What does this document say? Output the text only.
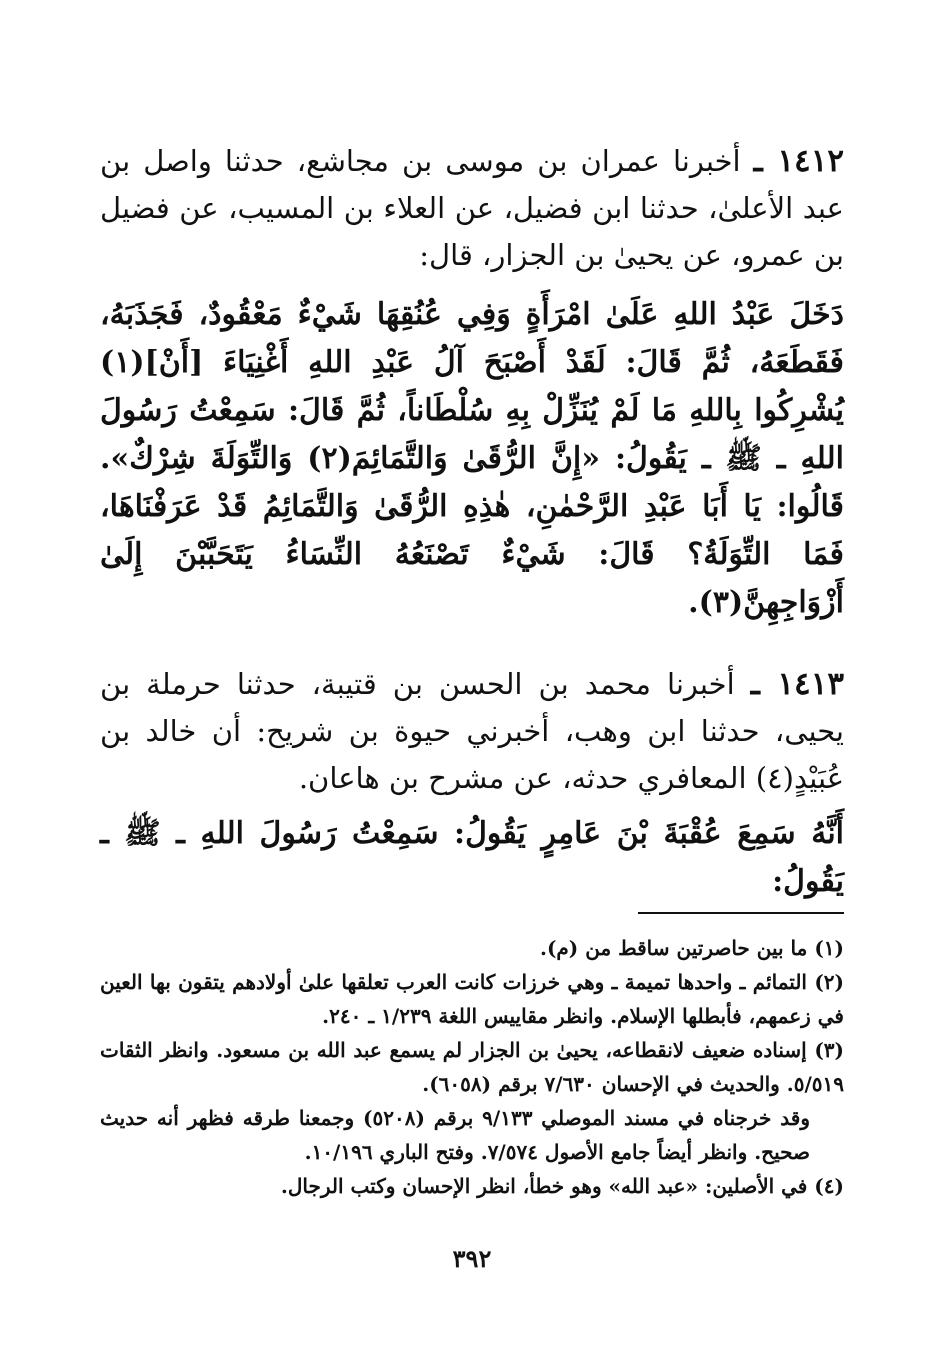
١٤١٢ ـ أخبرنا عمران بن موسى بن مجاشع، حدثنا واصل بن عبد الأعلىٰ، حدثنا ابن فضيل، عن العلاء بن المسيب، عن فضيل بن عمرو، عن يحيىٰ بن الجزار، قال:

دَخَلَ عَبْدُ اللهِ عَلَىٰ امْرَأَةٍ وَفِي عُنُقِهَا شَيْءٌ مَعْقُودٌ، فَجَذَبَهُ، فَقَطَعَهُ، ثُمَّ قَالَ: لَقَدْ أَصْبَحَ آلُ عَبْدِ اللهِ أَغْنِيَاءَ [أَنْ](١) يُشْرِكُوا بِاللهِ مَا لَمْ يُنَزِّلْ بِهِ سُلْطَاناً، ثُمَّ قَالَ: سَمِعْتُ رَسُولَ اللهِ ـ ﷺ ـ يَقُولُ: «إِنَّ الرُّقَىٰ وَالتَّمَائِمَ(٢) وَالتِّوَلَةَ شِرْكٌ». قَالُوا: يَا أَبَا عَبْدِ الرَّحْمٰنِ، هٰذِهِ الرُّقَىٰ وَالتَّمَائِمُ قَدْ عَرَفْنَاهَا، فَمَا التِّوَلَةُ؟ قَالَ: شَيْءٌ تَصْنَعُهُ النِّسَاءُ يَتَحَبَّبْنَ إِلَىٰ أَزْوَاجِهِنَّ(٣).

١٤١٣ ـ أخبرنا محمد بن الحسن بن قتيبة، حدثنا حرملة بن يحيى، حدثنا ابن وهب، أخبرني حيوة بن شريح: أن خالد بن عُبَيْدٍ(٤) المعافري حدثه، عن مشرح بن هاعان.

أَنَّهُ سَمِعَ عُقْبَةَ بْنَ عَامِرٍ يَقُولُ: سَمِعْتُ رَسُولَ اللهِ ـ ﷺ ـ يَقُولُ:

(١) ما بين حاصرتين ساقط من (م).

(٢) التمائم ـ واحدها تميمة ـ وهي خرزات كانت العرب تعلقها علىٰ أولادهم يتقون بها العين في زعمهم، فأبطلها الإسلام. وانظر مقاييس اللغة ١/٢٣٩ ـ ٢٤٠.

(٣) إسناده ضعيف لانقطاعه، يحيىٰ بن الجزار لم يسمع عبد الله بن مسعود. وانظر الثقات ٥/٥١٩. والحديث في الإحسان ٧/٦٣٠ برقم (٦٠٥٨).

وقد خرجناه في مسند الموصلي ٩/١٣٣ برقم (٥٢٠٨) وجمعنا طرقه فظهر أنه حديث صحيح. وانظر أيضاً جامع الأصول ٧/٥٧٤. وفتح الباري ١٠/١٩٦.

(٤) في الأصلين: «عبد الله» وهو خطأ، انظر الإحسان وكتب الرجال.

٣٩٢
